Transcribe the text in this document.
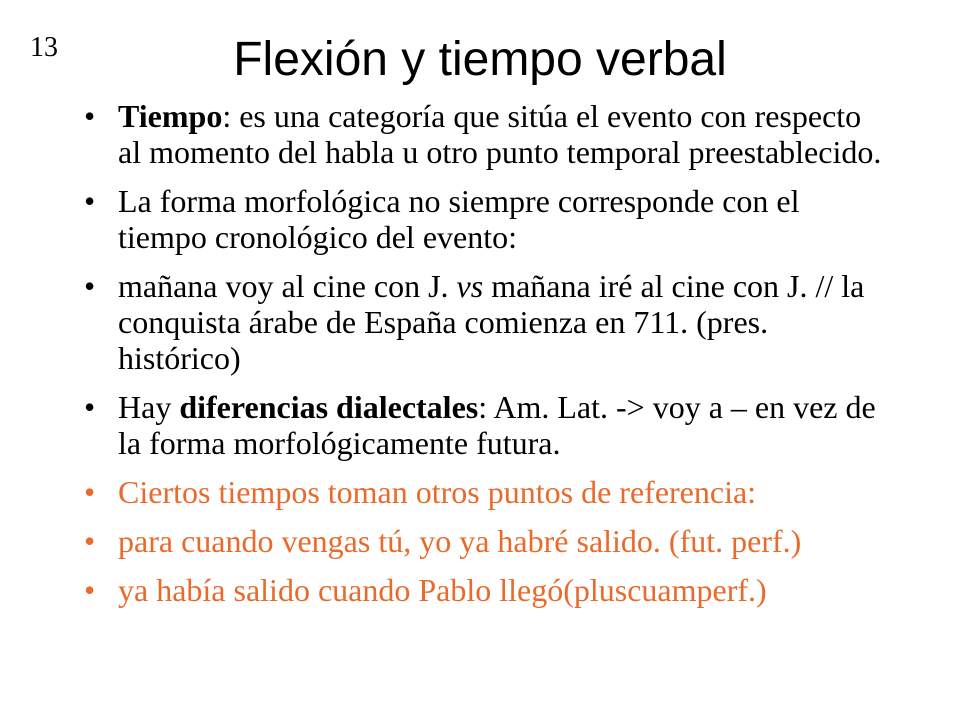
13	Flexión y tiempo verbal
• Tiempo: es una categoría que sitúa el evento con respecto al momento del habla u otro punto temporal preestablecido.
• La forma morfológica no siempre corresponde con el tiempo cronológico del evento:
• mañana voy al cine con J. vs mañana iré al cine con J. // la conquista árabe de España comienza en 711. (pres. histórico)
• Hay diferencias dialectales: Am. Lat. -> voy a – en vez de la forma morfológicamente futura.
• Ciertos tiempos toman otros puntos de referencia:
• para cuando vengas tú, yo ya habré salido. (fut. perf.)
• ya había salido cuando Pablo llegó(pluscuamperf.)
